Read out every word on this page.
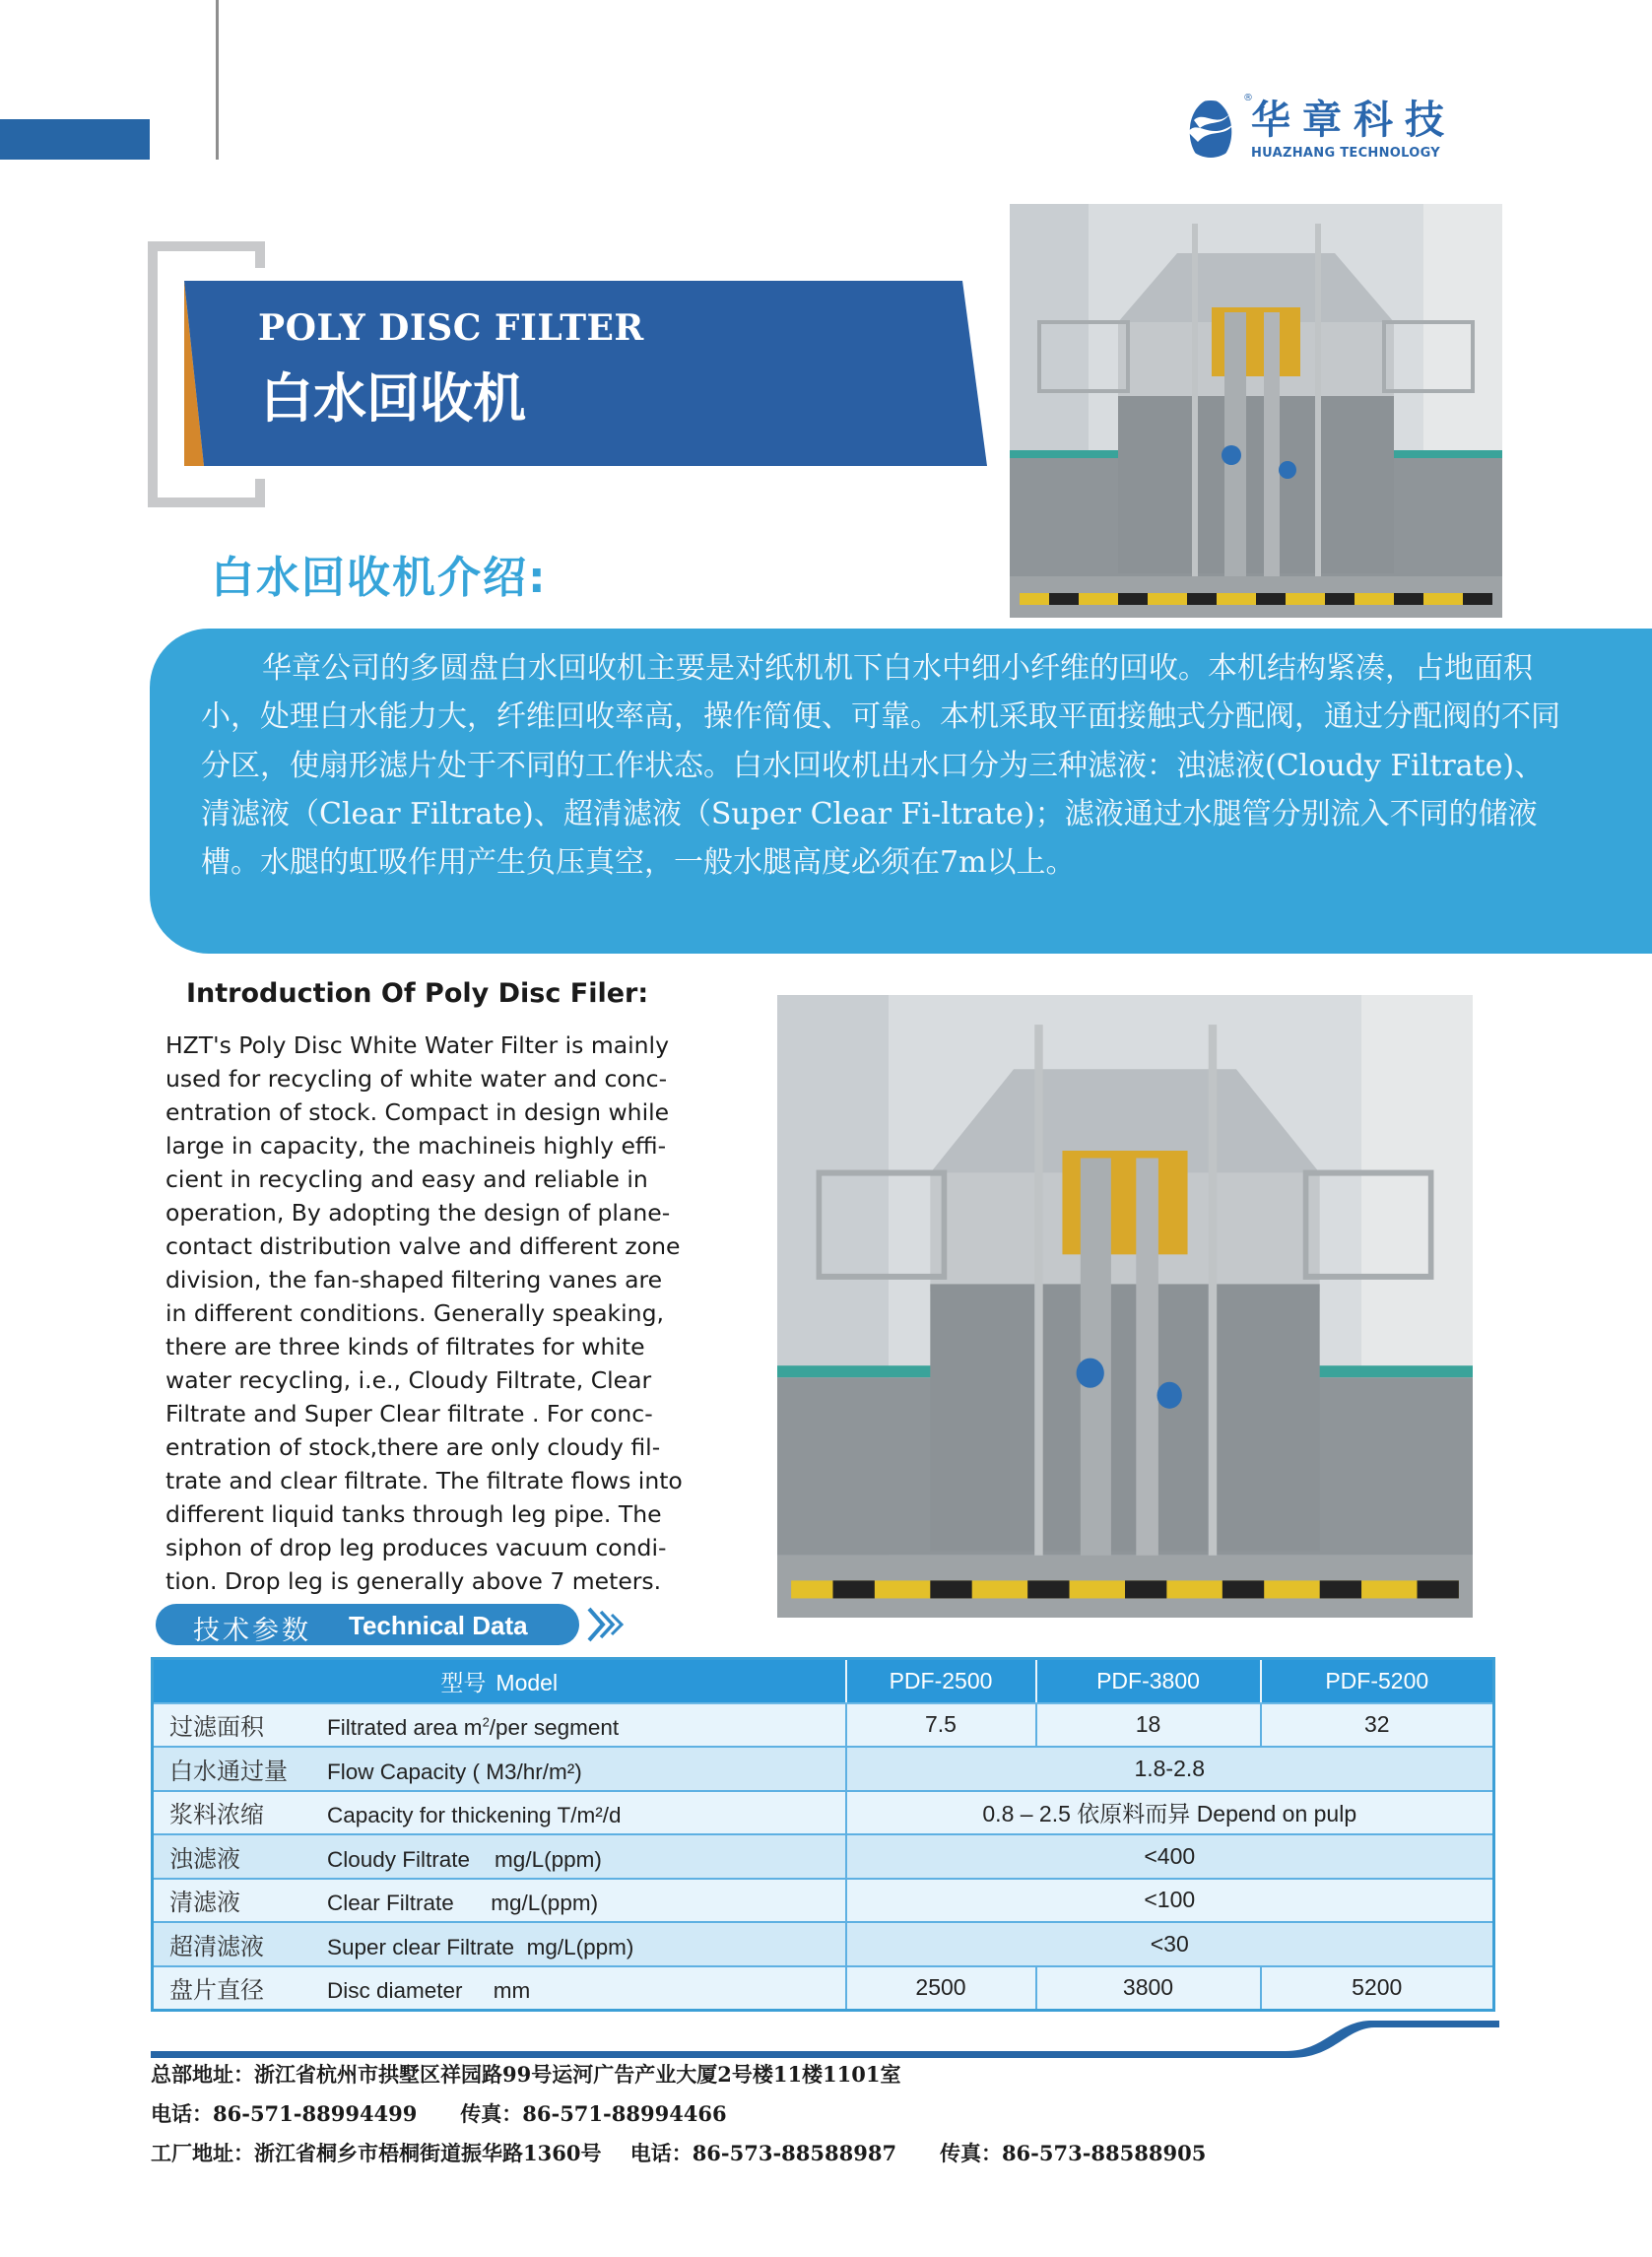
®
华章科技
HUAZHANG TECHNOLOGY
POLY DISC FILTER
白水回收机
白水回收机介绍:

华章公司的多圆盘白水回收机主要是对纸机机下白水中细小纤维的回收。本机结构紧凑，占地面积小，处理白水能力大，纤维回收率高，操作简便、可靠。本机采取平面接触式分配阀，通过分配阀的不同分区，使扇形滤片处于不同的工作状态。白水回收机出水口分为三种滤液：浊滤液(Cloudy Filtrate)、清滤液（Clear Filtrate)、超清滤液（Super Clear Fi-ltrate)；滤液通过水腿管分别流入不同的储液槽。水腿的虹吸作用产生负压真空，一般水腿高度必须在7m以上。

Introduction Of Poly Disc Filer:
HZT's Poly Disc White Water Filter is mainly
used for recycling of white water and conc-
entration of stock. Compact in design while
large in capacity, the machineis highly effi-
cient in recycling and easy and reliable in
operation, By adopting the design of plane-
contact distribution valve and different zone
division, the fan-shaped filtering vanes are
in different conditions. Generally speaking,
there are three kinds of filtrates for white
water recycling, i.e., Cloudy Filtrate, Clear
Filtrate and Super Clear filtrate . For conc-
entration of stock,there are only cloudy fil-
trate and clear filtrate. The filtrate flows into
different liquid tanks through leg pipe. The
siphon of drop leg produces vacuum condi-
tion. Drop leg is generally above 7 meters.
技术参数 Technical Data
型号 Model	PDF-2500	PDF-3800	PDF-5200
过滤面积 Filtrated area $m^2$/per segment	7.5	18	32
白水通过量 Flow Capacity ( M3/hr/m²)	1.8-2.8		
浆料浓缩 Capacity for thickening T/m²/d	0.8 – 2.5 依原料而异 Depend on pulp		
浊滤液 Cloudy Filtrate    mg/L(ppm)	<400		
清滤液 Clear Filtrate      mg/L(ppm)	<100		
超清滤液 Super clear Filtrate  mg/L(ppm)	<30		
盘片直径 Disc diameter     mm	2500	3800	5200
总部地址：浙江省杭州市拱墅区祥园路99号运河广告产业大厦2号楼11楼1101室
电话：86-571-88994499      传真：86-571-88994466
工厂地址：浙江省桐乡市梧桐街道振华路1360号    电话：86-573-88588987      传真：86-573-88588905
